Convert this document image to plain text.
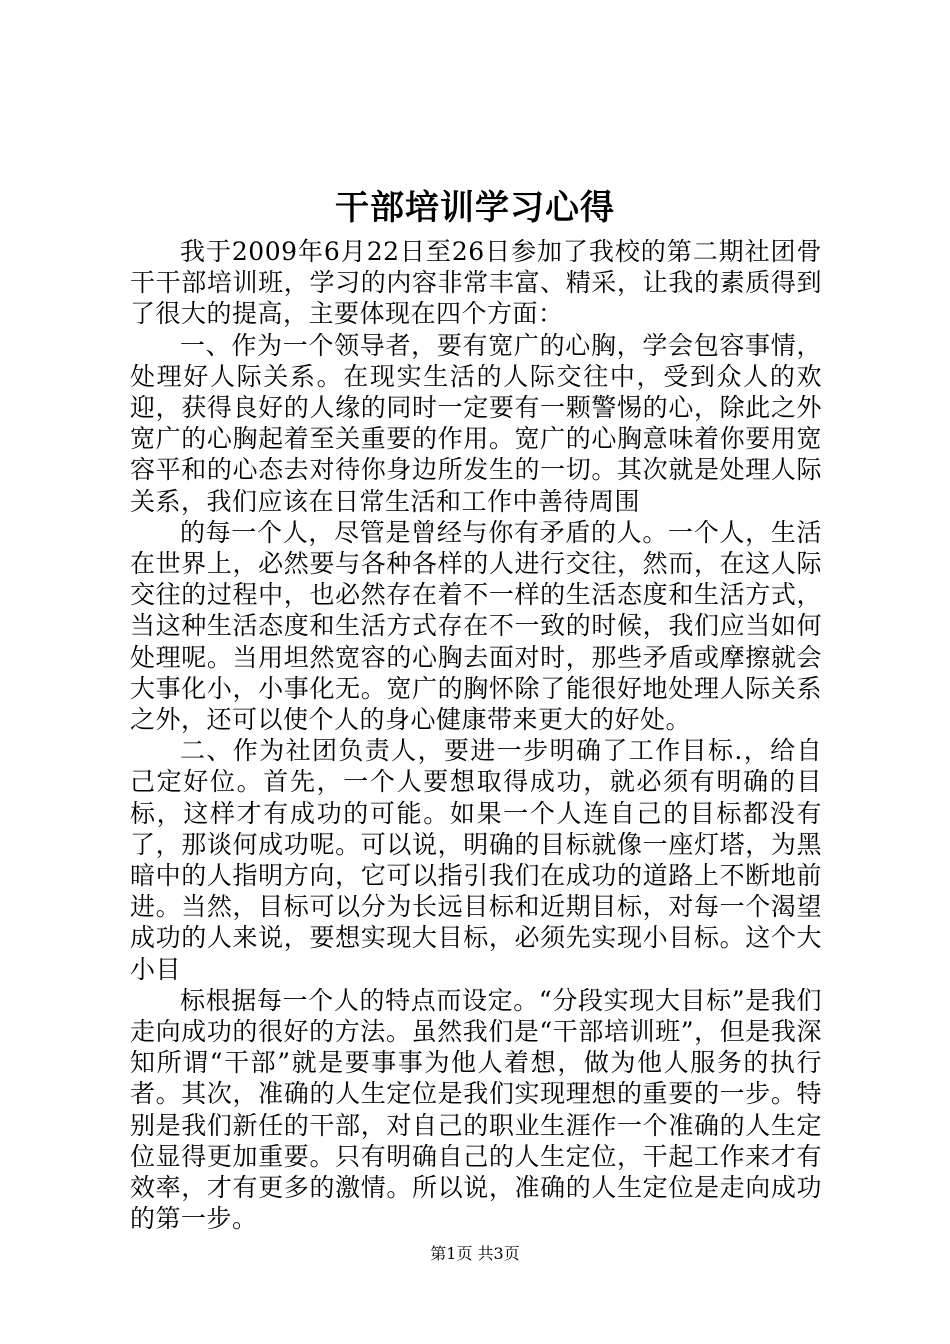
干部培训学习心得

我于2009年6月22日至26日参加了我校的第二期社团骨干干部培训班，学习的内容非常丰富、精采，让我的素质得到了很大的提高，主要体现在四个方面：

一、作为一个领导者，要有宽广的心胸，学会包容事情，处理好人际关系。在现实生活的人际交往中，受到众人的欢迎，获得良好的人缘的同时一定要有一颗警惕的心，除此之外宽广的心胸起着至关重要的作用。宽广的心胸意味着你要用宽容平和的心态去对待你身边所发生的一切。其次就是处理人际关系，我们应该在日常生活和工作中善待周围

的每一个人，尽管是曾经与你有矛盾的人。一个人，生活在世界上，必然要与各种各样的人进行交往，然而，在这人际交往的过程中，也必然存在着不一样的生活态度和生活方式，当这种生活态度和生活方式存在不一致的时候，我们应当如何处理呢。当用坦然宽容的心胸去面对时，那些矛盾或摩擦就会大事化小，小事化无。宽广的胸怀除了能很好地处理人际关系之外，还可以使个人的身心健康带来更大的好处。

二、作为社团负责人，要进一步明确了工作目标.，给自己定好位。首先，一个人要想取得成功，就必须有明确的目标，这样才有成功的可能。如果一个人连自己的目标都没有了，那谈何成功呢。可以说，明确的目标就像一座灯塔，为黑暗中的人指明方向，它可以指引我们在成功的道路上不断地前进。当然，目标可以分为长远目标和近期目标，对每一个渴望成功的人来说，要想实现大目标，必须先实现小目标。这个大小目

标根据每一个人的特点而设定。“分段实现大目标”是我们走向成功的很好的方法。虽然我们是“干部培训班”，但是我深知所谓“干部”就是要事事为他人着想，做为他人服务的执行者。其次，准确的人生定位是我们实现理想的重要的一步。特别是我们新任的干部，对自己的职业生涯作一个准确的人生定位显得更加重要。只有明确自己的人生定位，干起工作来才有效率，才有更多的激情。所以说，准确的人生定位是走向成功的第一步。

第1页 共3页
